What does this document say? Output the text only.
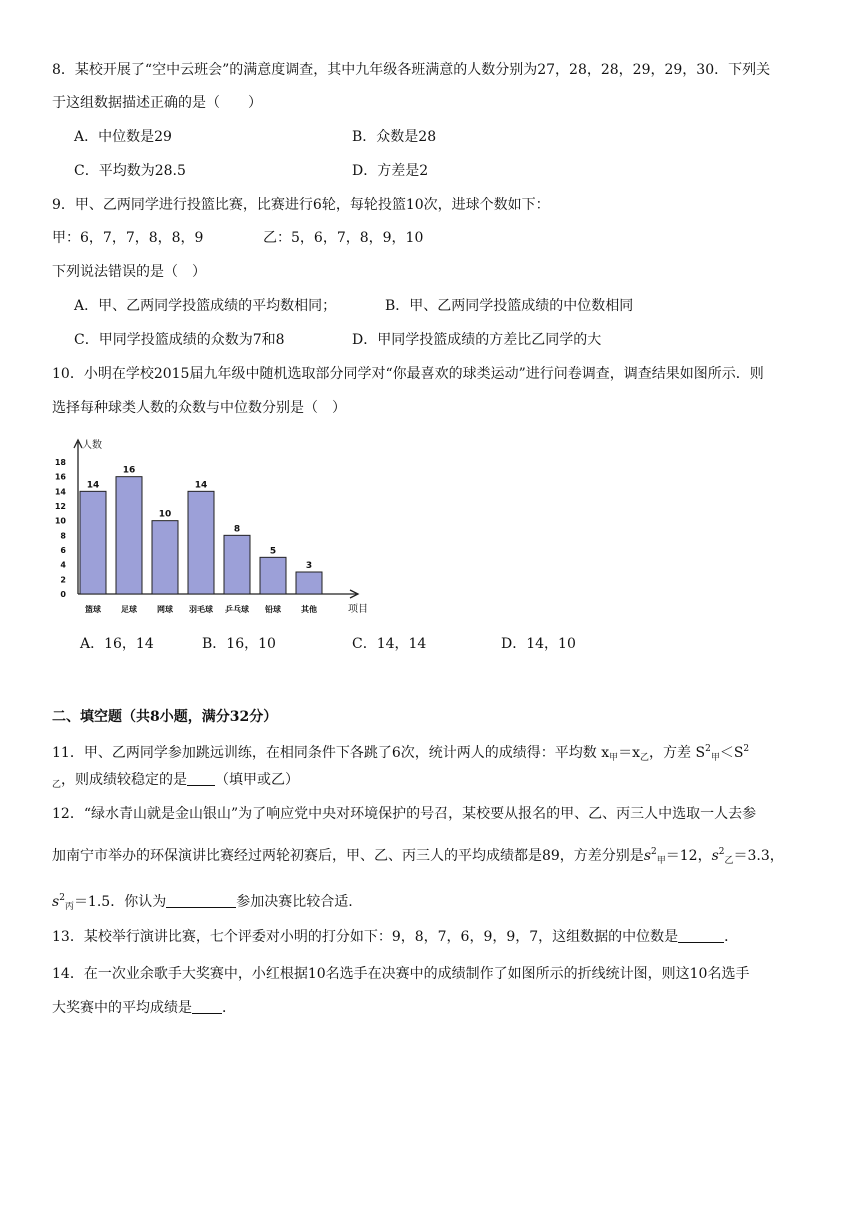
8．某校开展了“空中云班会”的满意度调查，其中九年级各班满意的人数分别为27，28，28，29，29，30．下列关
于这组数据描述正确的是（　　）
A．中位数是29	B．众数是28
C．平均数为28.5	D．方差是2
9．甲、乙两同学进行投篮比赛，比赛进行6轮，每轮投篮10次，进球个数如下：
甲：6，7，7，8，8，9	乙：5，6，7，8，9，10
下列说法错误的是（　）
A．甲、乙两同学投篮成绩的平均数相同；	B．甲、乙两同学投篮成绩的中位数相同
C．甲同学投篮成绩的众数为7和8	D．甲同学投篮成绩的方差比乙同学的大
10．小明在学校2015届九年级中随机选取部分同学对“你最喜欢的球类运动”进行问卷调查，调查结果如图所示．则
选择每种球类人数的众数与中位数分别是（　）
0
2
4
6
8
10
12
14
16
18
人数
项目
14
篮球
16
足球
10
网球
14
羽毛球
8
乒乓球
5
铅球
3
其他
A．16，14	B．16，10	C．14，14	D．14，10
二、填空题（共8小题，满分32分）
11．甲、乙两同学参加跳远训练，在相同条件下各跳了6次，统计两人的成绩得：平均数 $x_甲=x_乙$，方差 $S^2_甲<S^2$
$_乙$，则成绩较稳定的是 （填甲或乙）
12．“绿水青山就是金山银山”为了响应党中央对环境保护的号召，某校要从报名的甲、乙、丙三人中选取一人去参
加南宁市举办的环保演讲比赛经过两轮初赛后，甲、乙、丙三人的平均成绩都是89，方差分别是$s^2_甲=12$，$s^2_乙=3.3$，
$s^2_丙=1.5$．你认为	参加决赛比较合适.
13．某校举行演讲比赛，七个评委对小明的打分如下：9，8，7，6，9，9，7，这组数据的中位数是	．
14．在一次业余歌手大奖赛中，小红根据10名选手在决赛中的成绩制作了如图所示的折线统计图，则这10名选手
大奖赛中的平均成绩是 ．
